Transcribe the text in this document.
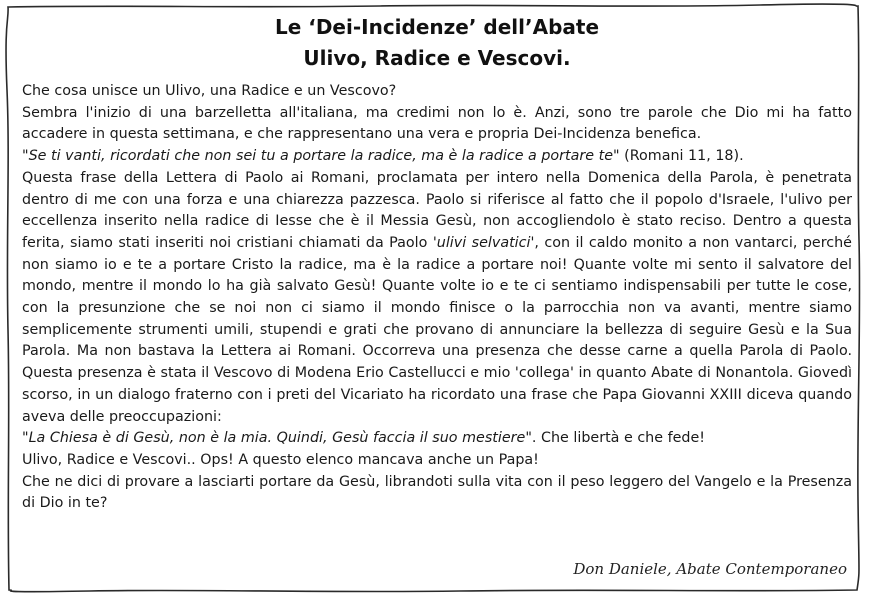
Le ‘Dei-Incidenze’ dell’Abate
Ulivo, Radice e Vescovi.

Che cosa unisce un Ulivo, una Radice e un Vescovo?

Sembra l'inizio di una barzelletta all'italiana, ma credimi non lo è. Anzi, sono tre parole che Dio mi ha fatto accadere in questa settimana, e che rappresentano una vera e propria Dei-Incidenza benefica.

"Se ti vanti, ricordati che non sei tu a portare la radice, ma è la radice a portare te" (Romani 11, 18).

Questa frase della Lettera di Paolo ai Romani, proclamata per intero nella Domenica della Parola, è penetrata dentro di me con una forza e una chiarezza pazzesca. Paolo si riferisce al fatto che il popolo d'Israele, l'ulivo per eccellenza inserito nella radice di Iesse che è il Messia Gesù, non accogliendolo è stato reciso. Dentro a questa ferita, siamo stati inseriti noi cristiani chiamati da Paolo 'ulivi selvatici', con il caldo monito a non vantarci, perché non siamo io e te a portare Cristo la radice, ma è la radice a portare noi! Quante volte mi sento il salvatore del mondo, mentre il mondo lo ha già salvato Gesù! Quante volte io e te ci sentiamo indispensabili per tutte le cose, con la presunzione che se noi non ci siamo il mondo finisce o la parrocchia non va avanti, mentre siamo semplicemente strumenti umili, stupendi e grati che provano di annunciare la bellezza di seguire Gesù e la Sua Parola. Ma non bastava la Lettera ai Romani. Occorreva una presenza che desse carne a quella Parola di Paolo. Questa presenza è stata il Vescovo di Modena Erio Castellucci e mio 'collega' in quanto Abate di Nonantola. Giovedì scorso, in un dialogo fraterno con i preti del Vicariato ha ricordato una frase che Papa Giovanni XXIII diceva quando aveva delle preoccupazioni:

"La Chiesa è di Gesù, non è la mia. Quindi, Gesù faccia il suo mestiere". Che libertà e che fede!

Ulivo, Radice e Vescovi.. Ops! A questo elenco mancava anche un Papa!

Che ne dici di provare a lasciarti portare da Gesù, librandoti sulla vita con il peso leggero del Vangelo e la Presenza di Dio in te?

Don Daniele, Abate Contemporaneo
